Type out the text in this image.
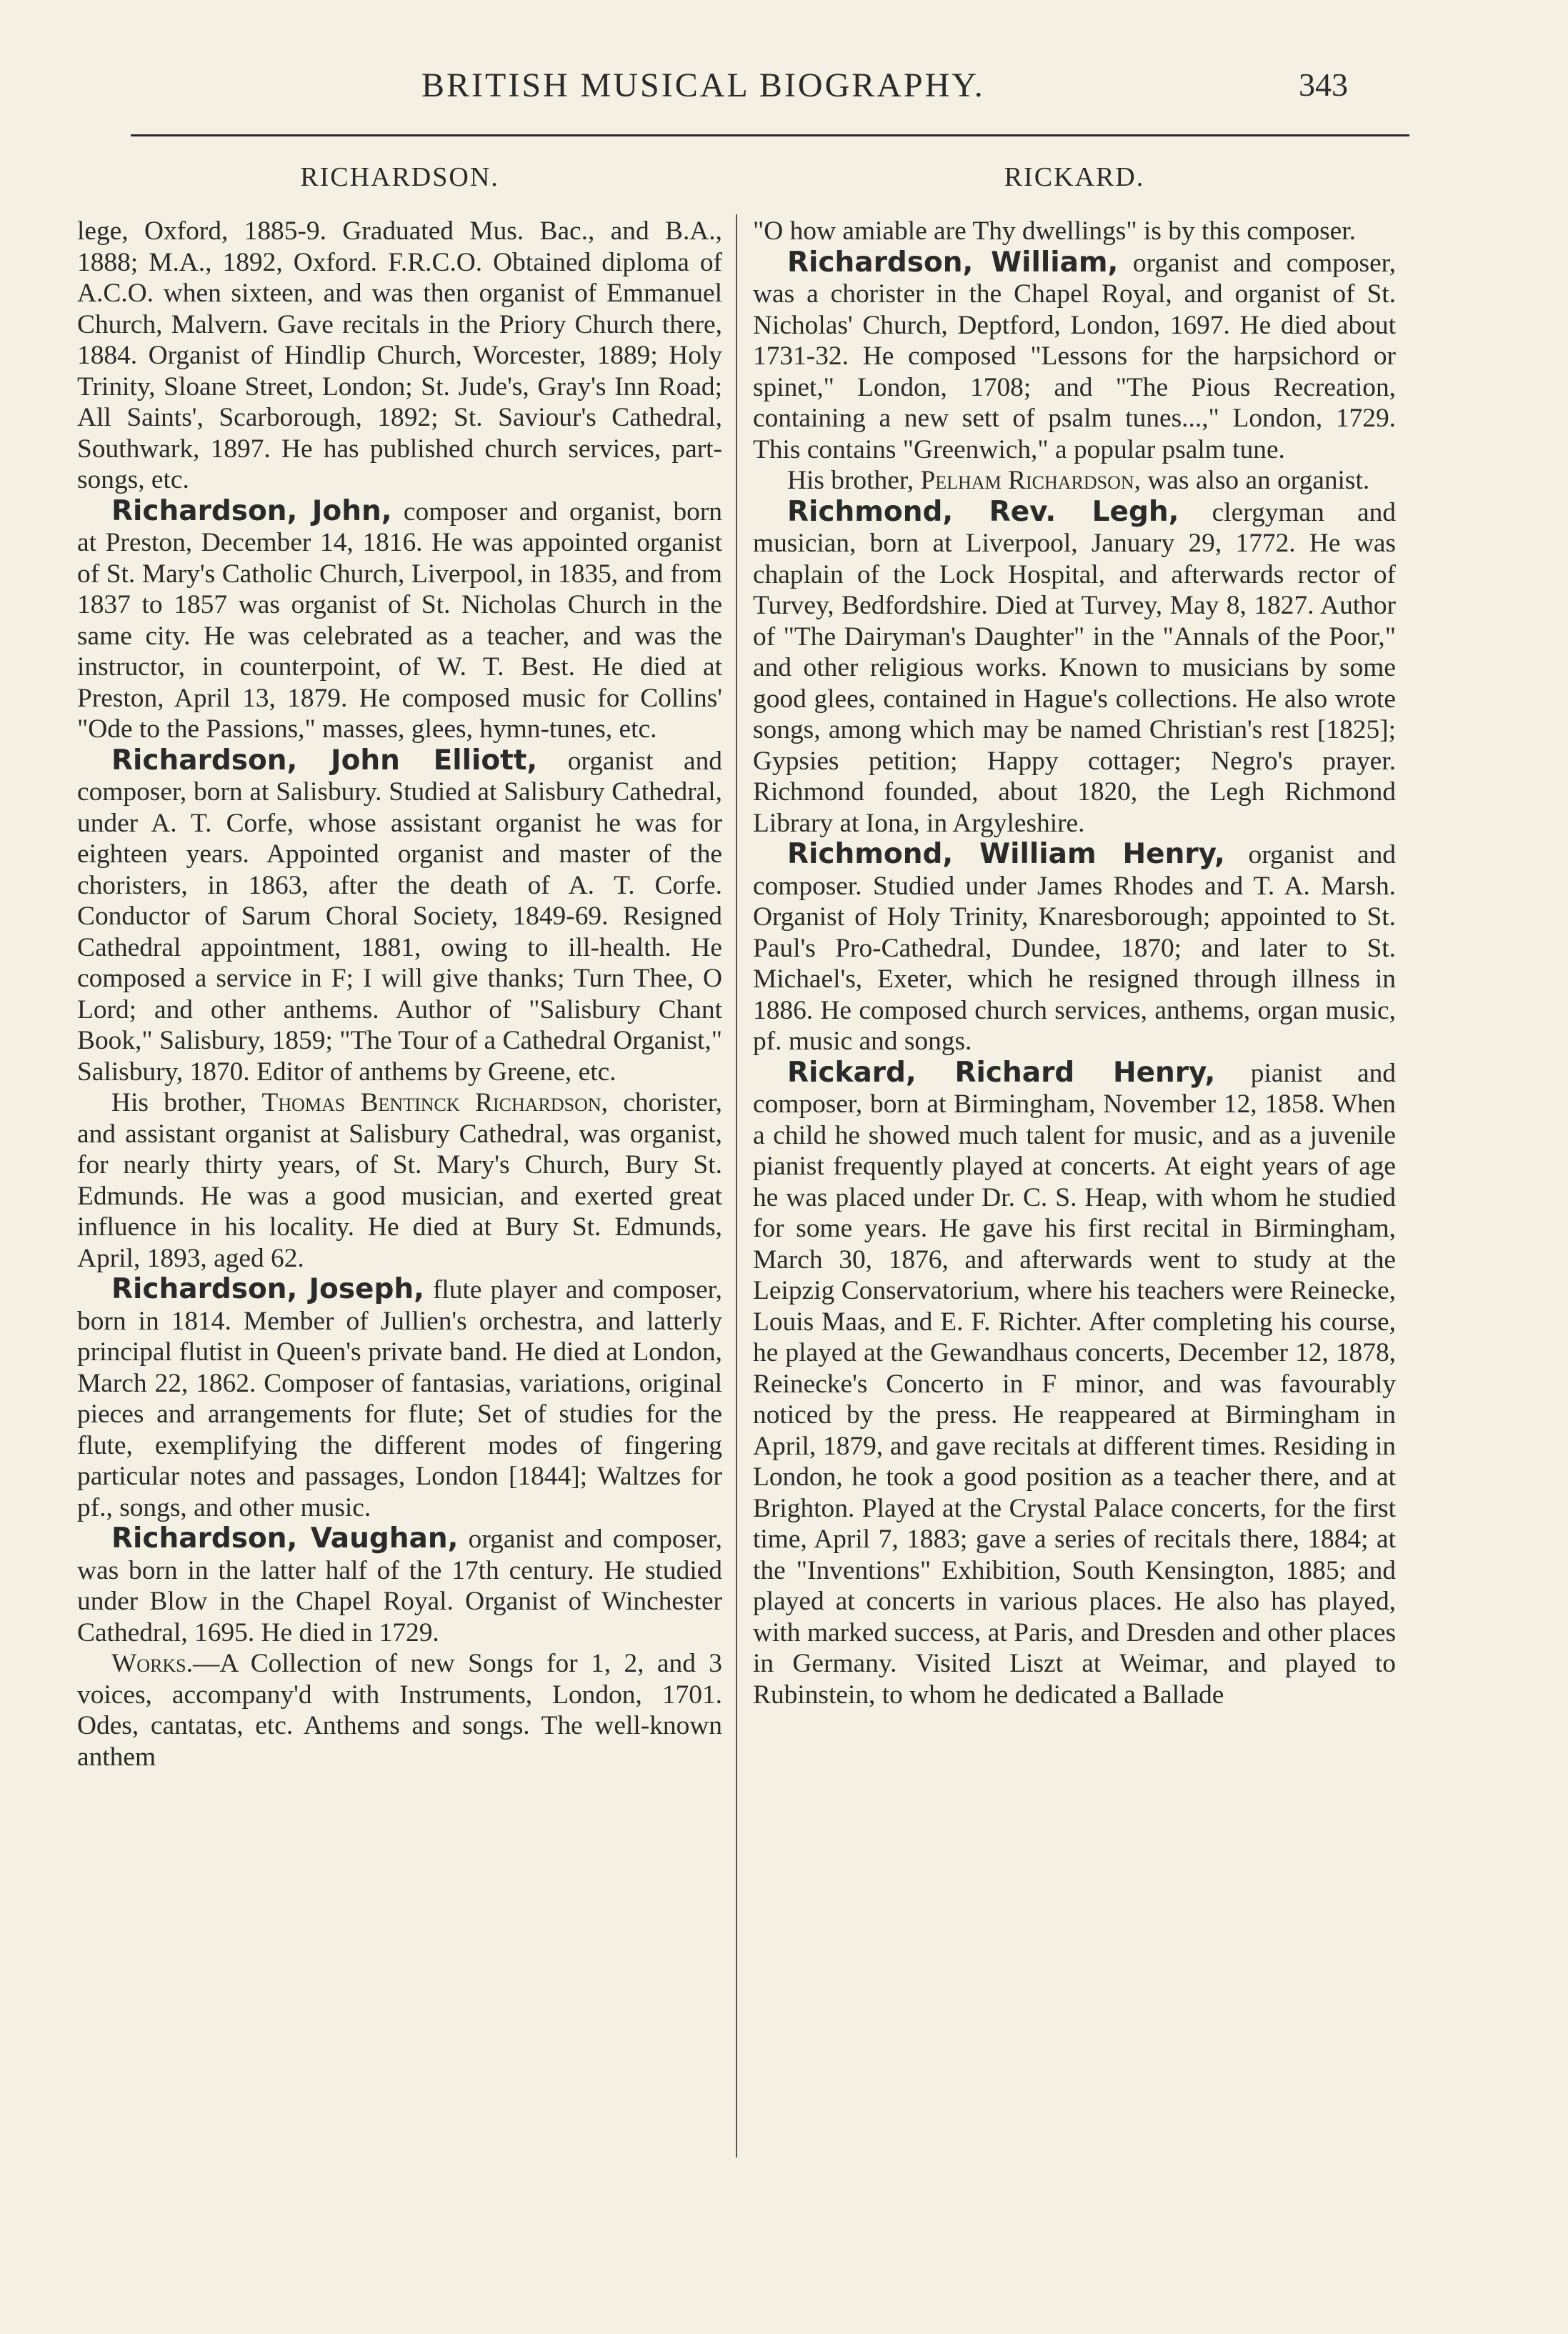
BRITISH MUSICAL BIOGRAPHY.	343
RICHARDSON.

lege, Oxford, 1885-9. Graduated Mus. Bac., and B.A., 1888; M.A., 1892, Oxford. F.R.C.O. Obtained diploma of A.C.O. when sixteen, and was then organist of Emmanuel Church, Malvern. Gave recitals in the Priory Church there, 1884. Organist of Hindlip Church, Worcester, 1889; Holy Trinity, Sloane Street, London; St. Jude's, Gray's Inn Road; All Saints', Scarborough, 1892; St. Saviour's Cathedral, Southwark, 1897. He has published church services, part-songs, etc.

Richardson, John, composer and organist, born at Preston, December 14, 1816. He was appointed organist of St. Mary's Catholic Church, Liverpool, in 1835, and from 1837 to 1857 was organist of St. Nicholas Church in the same city. He was celebrated as a teacher, and was the instructor, in counterpoint, of W. T. Best. He died at Preston, April 13, 1879. He composed music for Collins' "Ode to the Passions," masses, glees, hymn-tunes, etc.

Richardson, John Elliott, organist and composer, born at Salisbury. Studied at Salisbury Cathedral, under A. T. Corfe, whose assistant organist he was for eighteen years. Appointed organist and master of the choristers, in 1863, after the death of A. T. Corfe. Conductor of Sarum Choral Society, 1849-69. Resigned Cathedral appointment, 1881, owing to ill-health. He composed a service in F; I will give thanks; Turn Thee, O Lord; and other anthems. Author of "Salisbury Chant Book," Salisbury, 1859; "The Tour of a Cathedral Organist," Salisbury, 1870. Editor of anthems by Greene, etc.

His brother, Thomas Bentinck Richardson, chorister, and assistant organist at Salisbury Cathedral, was organist, for nearly thirty years, of St. Mary's Church, Bury St. Edmunds. He was a good musician, and exerted great influence in his locality. He died at Bury St. Edmunds, April, 1893, aged 62.

Richardson, Joseph, flute player and composer, born in 1814. Member of Jullien's orchestra, and latterly principal flutist in Queen's private band. He died at London, March 22, 1862. Composer of fantasias, variations, original pieces and arrangements for flute; Set of studies for the flute, exemplifying the different modes of fingering particular notes and passages, London [1844]; Waltzes for pf., songs, and other music.

Richardson, Vaughan, organist and composer, was born in the latter half of the 17th century. He studied under Blow in the Chapel Royal. Organist of Winchester Cathedral, 1695. He died in 1729.

Works.—A Collection of new Songs for 1, 2, and 3 voices, accompany'd with Instruments, London, 1701. Odes, cantatas, etc. Anthems and songs. The well-known anthem

RICKARD.

"O how amiable are Thy dwellings" is by this composer.

Richardson, William, organist and composer, was a chorister in the Chapel Royal, and organist of St. Nicholas' Church, Deptford, London, 1697. He died about 1731-32. He composed "Lessons for the harpsichord or spinet," London, 1708; and "The Pious Recreation, containing a new sett of psalm tunes...," London, 1729. This contains "Greenwich," a popular psalm tune.

His brother, Pelham Richardson, was also an organist.

Richmond, Rev. Legh, clergyman and musician, born at Liverpool, January 29, 1772. He was chaplain of the Lock Hospital, and afterwards rector of Turvey, Bedfordshire. Died at Turvey, May 8, 1827. Author of "The Dairyman's Daughter" in the "Annals of the Poor," and other religious works. Known to musicians by some good glees, contained in Hague's collections. He also wrote songs, among which may be named Christian's rest [1825]; Gypsies petition; Happy cottager; Negro's prayer. Richmond founded, about 1820, the Legh Richmond Library at Iona, in Argyleshire.

Richmond, William Henry, organist and composer. Studied under James Rhodes and T. A. Marsh. Organist of Holy Trinity, Knaresborough; appointed to St. Paul's Pro-Cathedral, Dundee, 1870; and later to St. Michael's, Exeter, which he resigned through illness in 1886. He composed church services, anthems, organ music, pf. music and songs.

Rickard, Richard Henry, pianist and composer, born at Birmingham, November 12, 1858. When a child he showed much talent for music, and as a juvenile pianist frequently played at concerts. At eight years of age he was placed under Dr. C. S. Heap, with whom he studied for some years. He gave his first recital in Birmingham, March 30, 1876, and afterwards went to study at the Leipzig Conservatorium, where his teachers were Reinecke, Louis Maas, and E. F. Richter. After completing his course, he played at the Gewandhaus concerts, December 12, 1878, Reinecke's Concerto in F minor, and was favourably noticed by the press. He reappeared at Birmingham in April, 1879, and gave recitals at different times. Residing in London, he took a good position as a teacher there, and at Brighton. Played at the Crystal Palace concerts, for the first time, April 7, 1883; gave a series of recitals there, 1884; at the "Inventions" Exhibition, South Kensington, 1885; and played at concerts in various places. He also has played, with marked success, at Paris, and Dresden and other places in Germany. Visited Liszt at Weimar, and played to Rubinstein, to whom he dedicated a Ballade
